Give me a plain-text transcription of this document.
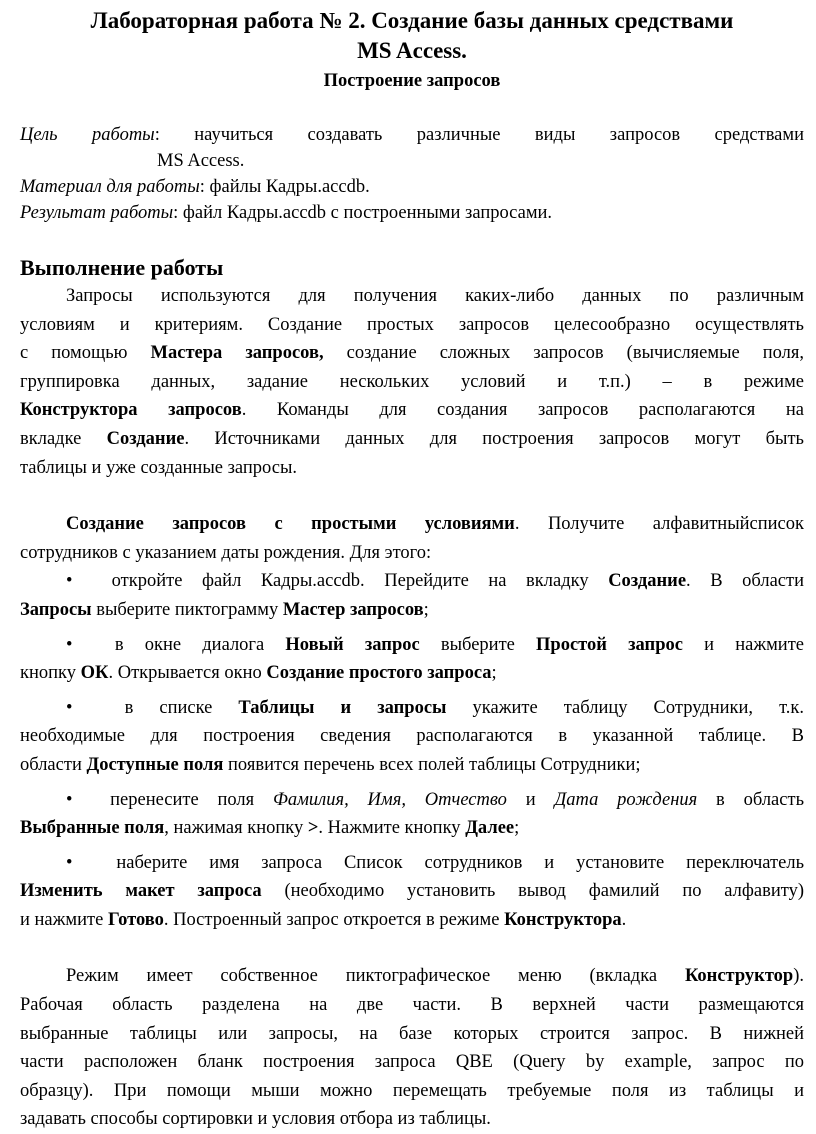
Лабораторная работа № 2. Создание базы данных средствами
MS Access.
Построение запросов

Цель работы: научиться создавать различные виды запросов средствами
MS Access.

Материал для работы: файлы Кадры.accdb.

Результат работы: файл Кадры.accdb с построенными запросами.

Выполнение работы
Запросы используются для получения каких-либо данных по различным
условиям и критериям. Создание простых запросов целесообразно осуществлять
с помощью Мастера запросов, создание сложных запросов (вычисляемые поля,
группировка данных, задание нескольких условий и т.п.) – в режиме
Конструктора запросов. Команды для создания запросов располагаются на
вкладке Создание. Источниками данных для построения запросов могут быть
таблицы и уже созданные запросы.
Создание запросов с простыми условиями. Получите алфавитныйсписок
сотрудников с указанием даты рождения. Для этого:
• откройте файл Кадры.accdb. Перейдите на вкладку Создание. В области
Запросы выберите пиктограмму Мастер запросов;
• в окне диалога Новый запрос выберите Простой запрос и нажмите
кнопку ОК. Открывается окно Создание простого запроса;
•	в списке Таблицы и запросы укажите таблицу Сотрудники, т.к.
необходимые для построения сведения располагаются в указанной таблице. В
области Доступные поля появится перечень всех полей таблицы Сотрудники;
• перенесите поля Фамилия, Имя, Отчество и Дата рождения в область
Выбранные поля, нажимая кнопку >. Нажмите кнопку Далее;
• наберите имя запроса Список сотрудников и установите переключатель
Изменить макет запроса (необходимо установить вывод фамилий по алфавиту)
и нажмите Готово. Построенный запрос откроется в режиме Конструктора.
Режим имеет собственное пиктографическое меню (вкладка Конструктор).
Рабочая область разделена на две части. В верхней части размещаются
выбранные таблицы или запросы, на базе которых строится запрос. В нижней
части расположен бланк построения запроса QBE (Query by example, запрос по
образцу). При помощи мыши можно перемещать требуемые поля из таблицы и
задавать способы сортировки и условия отбора из таблицы.
